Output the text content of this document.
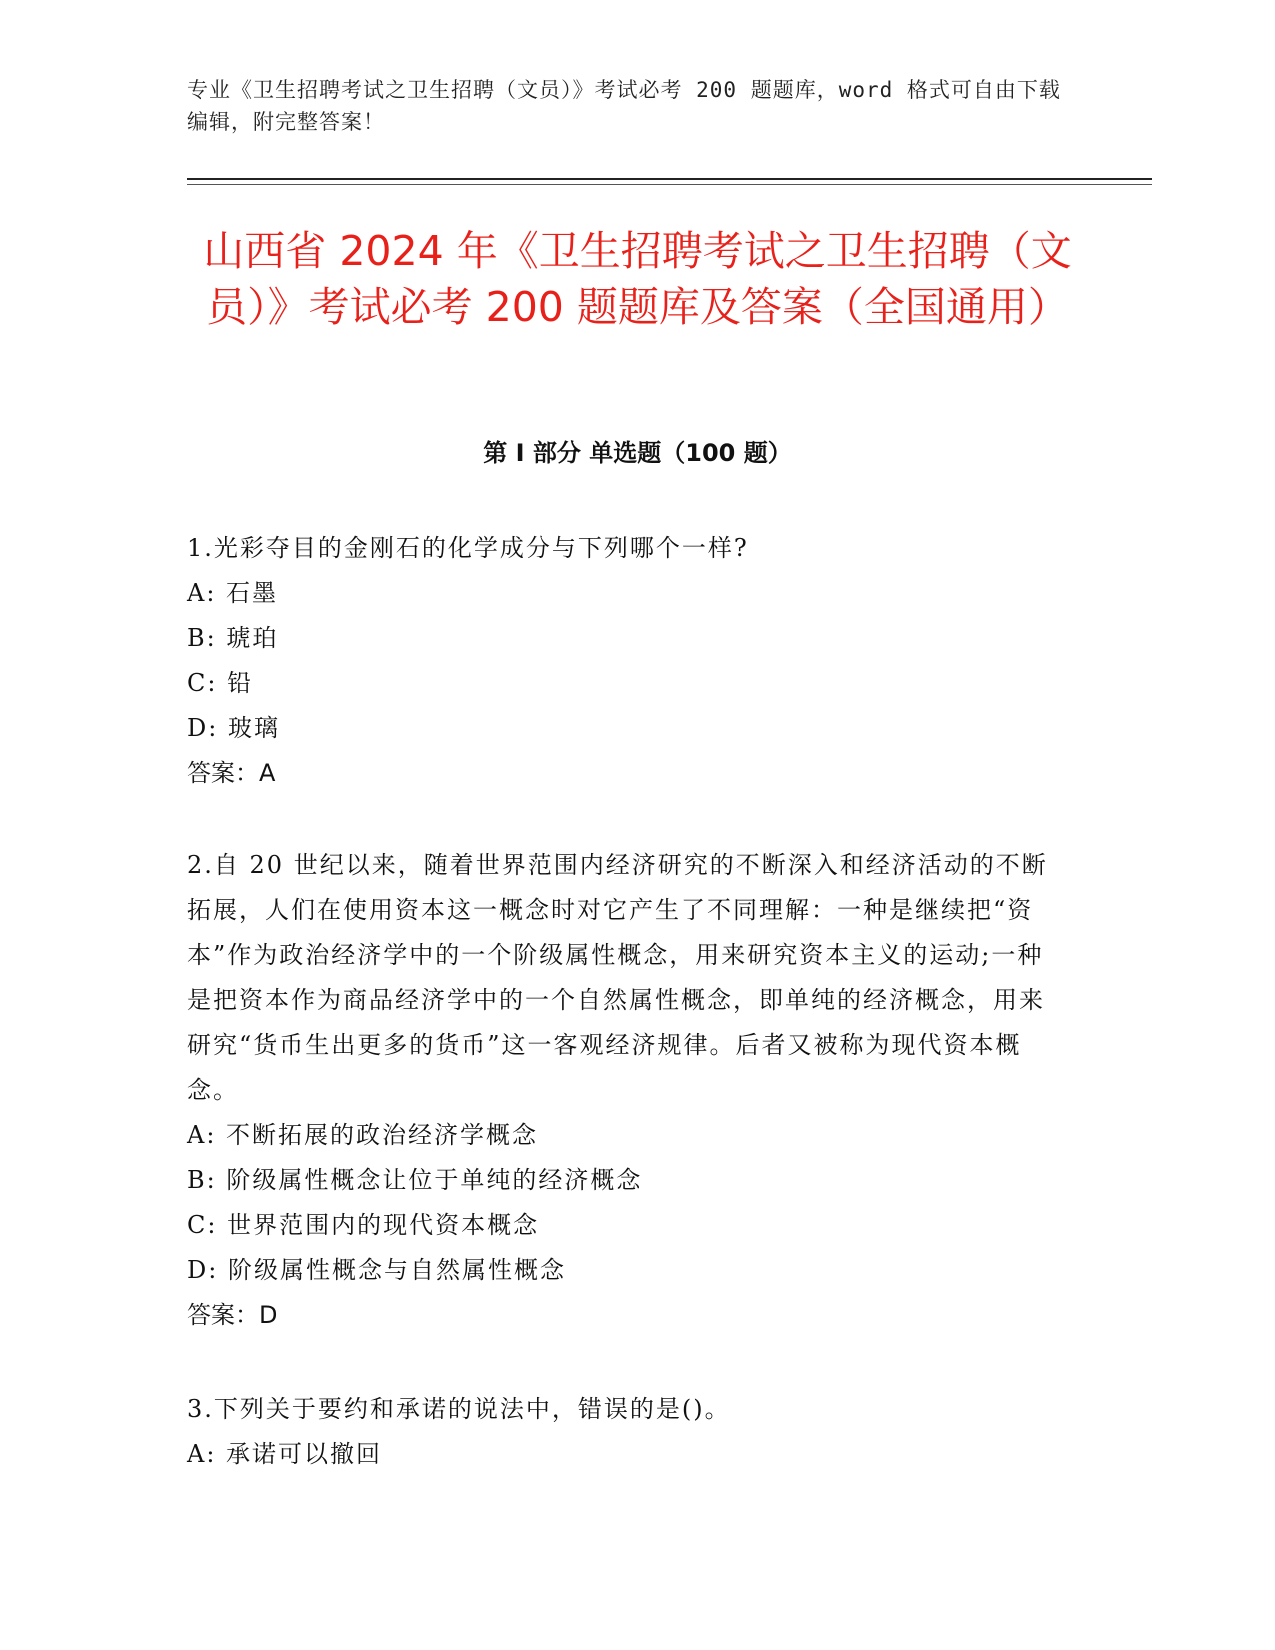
专业《卫生招聘考试之卫生招聘（文员）》考试必考 200 题题库，word 格式可自由下载编辑，附完整答案！
山西省 2024 年《卫生招聘考试之卫生招聘（文员）》考试必考 200 题题库及答案（全国通用）
第 I 部分 单选题（100 题）

1.光彩夺目的金刚石的化学成分与下列哪个一样?

A: 石墨

B: 琥珀

C: 铅

D: 玻璃

答案：A

2.自 20 世纪以来，随着世界范围内经济研究的不断深入和经济活动的不断拓展，人们在使用资本这一概念时对它产生了不同理解：一种是继续把“资本”作为政治经济学中的一个阶级属性概念，用来研究资本主义的运动;一种是把资本作为商品经济学中的一个自然属性概念，即单纯的经济概念，用来研究“货币生出更多的货币”这一客观经济规律。后者又被称为现代资本概念。

A: 不断拓展的政治经济学概念

B: 阶级属性概念让位于单纯的经济概念

C: 世界范围内的现代资本概念

D: 阶级属性概念与自然属性概念

答案：D

3.下列关于要约和承诺的说法中，错误的是()。

A: 承诺可以撤回
